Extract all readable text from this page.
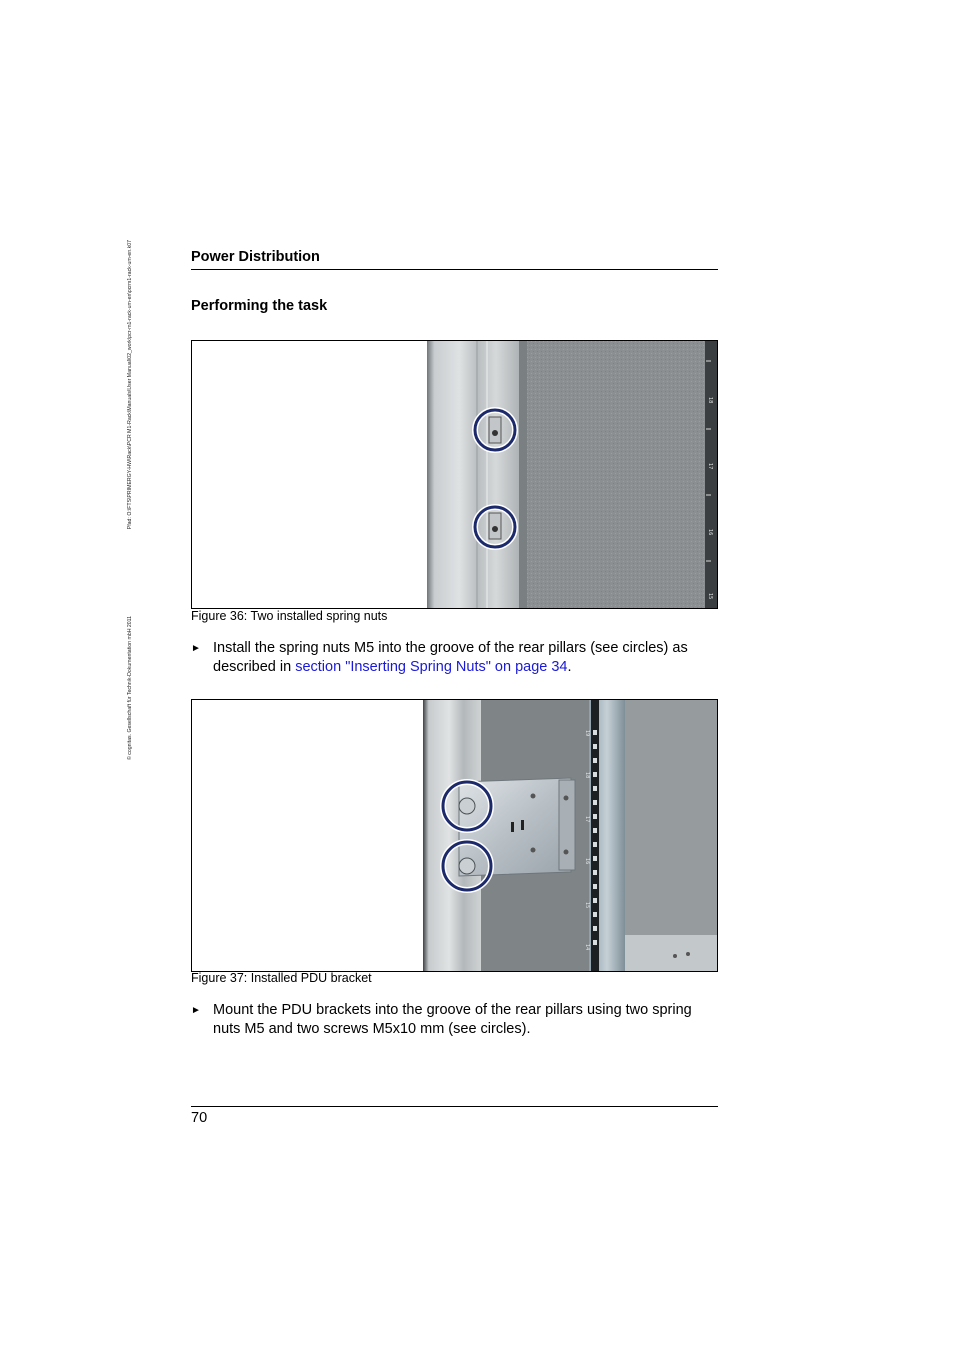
© cognitas. Gesellschaft für Technik-Dokumentation mbH 2011
Pfad: O:\FTS\PRIMERGY-HW\Rack\PCR M1-Rack\Manuals\User Manual\02_work\pcr-m1-rack-um-en\pcrm1-rack-um-en.k07	Power Distribution
Performing the task
18
17
16
15
Figure 36: Two installed spring nuts
► Install the spring nuts M5 into the groove of the rear pillars (see circles) as described in section "Inserting Spring Nuts" on page 34.
19
18
17
16
15
14
Figure 37: Installed PDU bracket
► Mount the PDU brackets into the groove of the rear pillars using two spring nuts M5 and two screws M5x10 mm (see circles).
70
